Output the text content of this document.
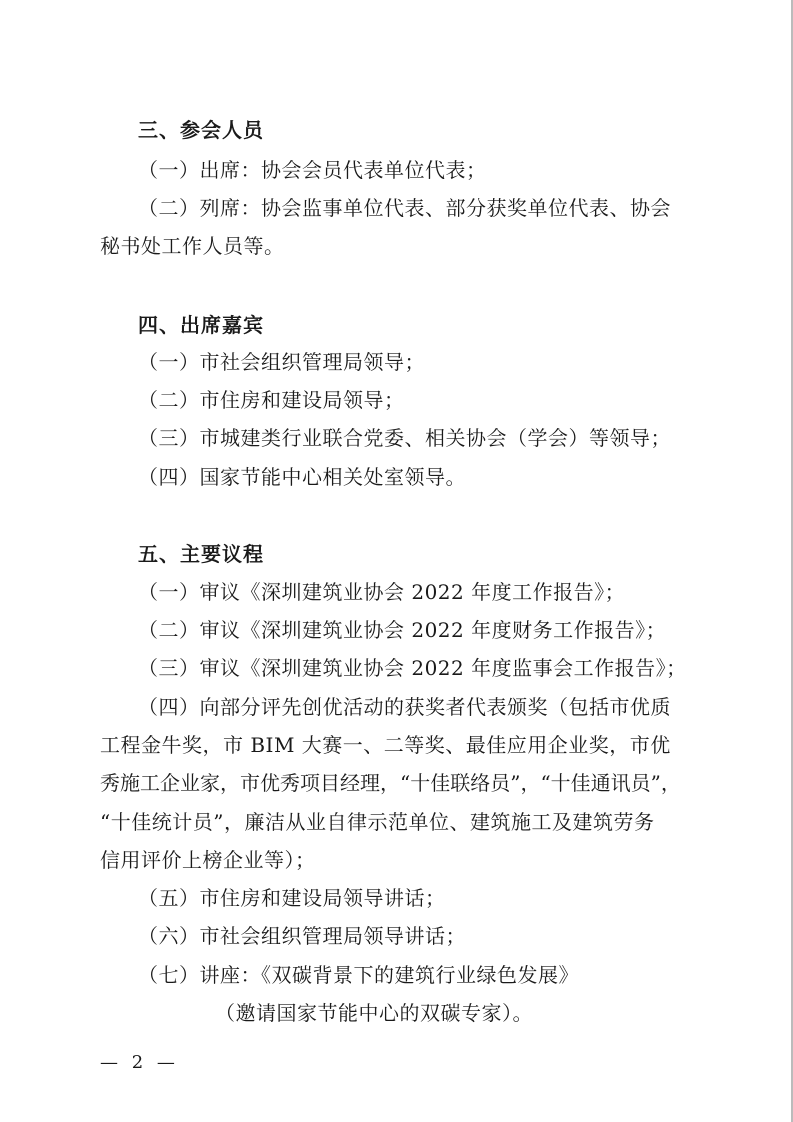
三、参会人员
（一）出席：协会会员代表单位代表；
（二）列席：协会监事单位代表、部分获奖单位代表、协会
秘书处工作人员等。
四、出席嘉宾
（一）市社会组织管理局领导；
（二）市住房和建设局领导；
（三）市城建类行业联合党委、相关协会（学会）等领导；
（四）国家节能中心相关处室领导。
五、主要议程
（一）审议《深圳建筑业协会 2022 年度工作报告》；
（二）审议《深圳建筑业协会 2022 年度财务工作报告》；
（三）审议《深圳建筑业协会 2022 年度监事会工作报告》；
（四）向部分评先创优活动的获奖者代表颁奖（包括市优质
工程金牛奖，市 BIM 大赛一、二等奖、最佳应用企业奖，市优
秀施工企业家，市优秀项目经理，“十佳联络员”，“十佳通讯员”，
“十佳统计员”，廉洁从业自律示范单位、建筑施工及建筑劳务
信用评价上榜企业等）；
（五）市住房和建设局领导讲话；
（六）市社会组织管理局领导讲话；
（七）讲座：《双碳背景下的建筑行业绿色发展》
（邀请国家节能中心的双碳专家）。
— 2 —
